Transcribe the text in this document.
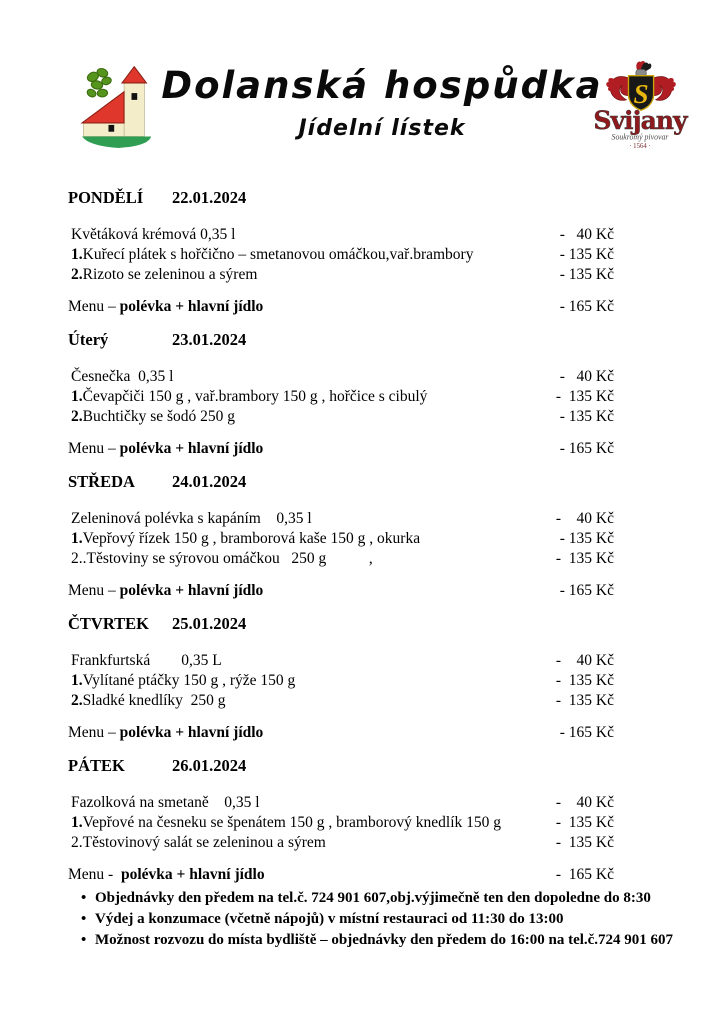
Dolanská hospůdka
Jídelní lístek
S
Svijany
Soukromý pivovar
· 1564 ·
PONDĚLÍ 22.01.2024
Květáková krémová 0,35 l	-   40 Kč
1.Kuřecí plátek s hořčično – smetanovou omáčkou,vař.brambory	- 135 Kč
2.Rizoto se zeleninou a sýrem	- 135 Kč
Menu – polévka + hlavní jídlo	- 165 Kč
Úterý	23.01.2024
Česnečka  0,35 l	-   40 Kč
1.Čevapčiči 150 g , vař.brambory 150 g , hořčice s cibulý	-  135 Kč
2.Buchtičky se šodó 250 g	- 135 Kč
Menu – polévka + hlavní jídlo	- 165 Kč
STŘEDA 24.01.2024
Zeleninová polévka s kapáním    0,35 l	-    40 Kč
1.Vepřový řízek 150 g , bramborová kaše 150 g , okurka	- 135 Kč
2..Těstoviny se sýrovou omáčkou   250 g           ,	-  135 Kč
Menu – polévka + hlavní jídlo	- 165 Kč
ČTVRTEK 25.01.2024
Frankfurtská        0,35 L	-    40 Kč
1.Vylítané ptáčky 150 g , rýže 150 g	-  135 Kč
2.Sladké knedlíky  250 g	-  135 Kč
Menu – polévka + hlavní jídlo	- 165 Kč
PÁTEK	26.01.2024
Fazolková na smetaně    0,35 l	-    40 Kč
1.Vepřové na česneku se špenátem 150 g , bramborový knedlík 150 g	-  135 Kč
2.Těstovinový salát se zeleninou a sýrem	-  135 Kč
Menu -  polévka + hlavní jídlo	-  165 Kč
• Objednávky den předem na tel.č. 724 901 607,obj.výjimečně ten den dopoledne do 8:30
• Výdej a konzumace (včetně nápojů) v místní restauraci od 11:30 do 13:00
• Možnost rozvozu do místa bydliště – objednávky den předem do 16:00 na tel.č.724 901 607
